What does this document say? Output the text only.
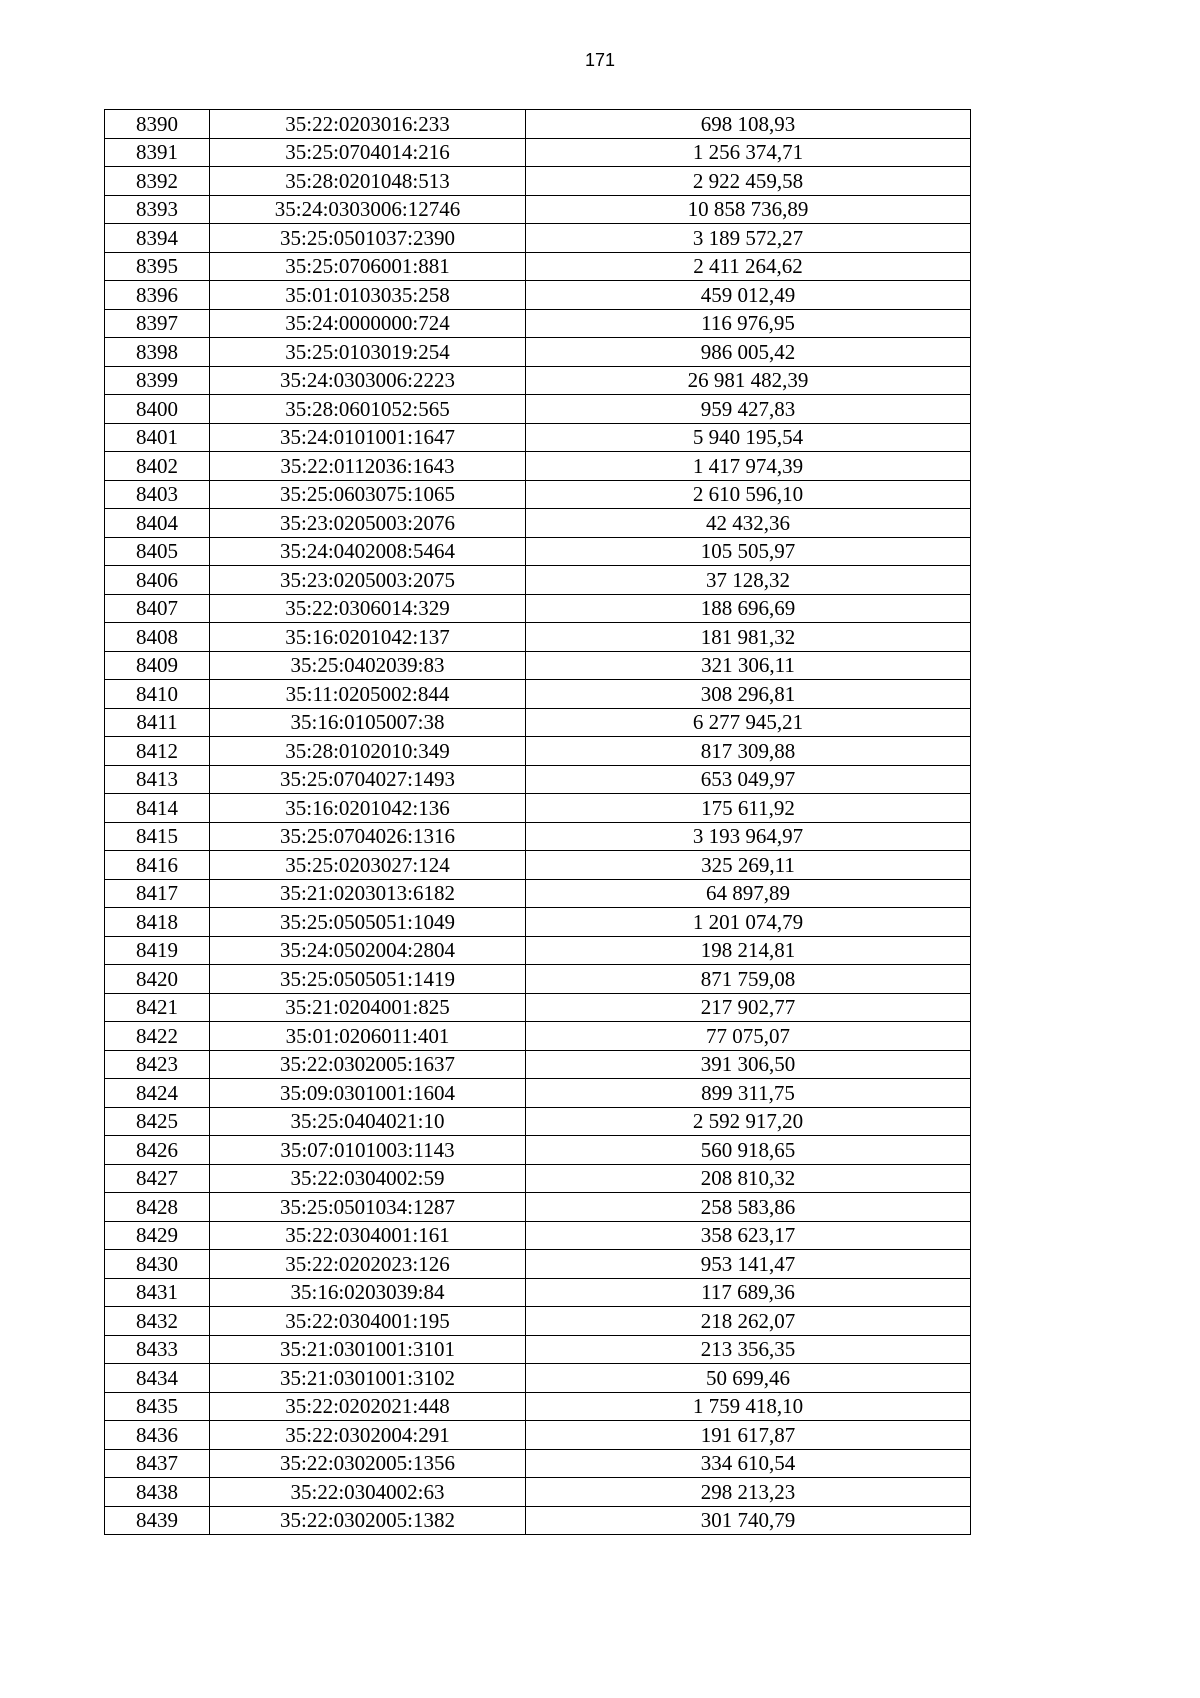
171
8390	35:22:0203016:233	698 108,93
8391	35:25:0704014:216	1 256 374,71
8392	35:28:0201048:513	2 922 459,58
8393	35:24:0303006:12746	10 858 736,89
8394	35:25:0501037:2390	3 189 572,27
8395	35:25:0706001:881	2 411 264,62
8396	35:01:0103035:258	459 012,49
8397	35:24:0000000:724	116 976,95
8398	35:25:0103019:254	986 005,42
8399	35:24:0303006:2223	26 981 482,39
8400	35:28:0601052:565	959 427,83
8401	35:24:0101001:1647	5 940 195,54
8402	35:22:0112036:1643	1 417 974,39
8403	35:25:0603075:1065	2 610 596,10
8404	35:23:0205003:2076	42 432,36
8405	35:24:0402008:5464	105 505,97
8406	35:23:0205003:2075	37 128,32
8407	35:22:0306014:329	188 696,69
8408	35:16:0201042:137	181 981,32
8409	35:25:0402039:83	321 306,11
8410	35:11:0205002:844	308 296,81
8411	35:16:0105007:38	6 277 945,21
8412	35:28:0102010:349	817 309,88
8413	35:25:0704027:1493	653 049,97
8414	35:16:0201042:136	175 611,92
8415	35:25:0704026:1316	3 193 964,97
8416	35:25:0203027:124	325 269,11
8417	35:21:0203013:6182	64 897,89
8418	35:25:0505051:1049	1 201 074,79
8419	35:24:0502004:2804	198 214,81
8420	35:25:0505051:1419	871 759,08
8421	35:21:0204001:825	217 902,77
8422	35:01:0206011:401	77 075,07
8423	35:22:0302005:1637	391 306,50
8424	35:09:0301001:1604	899 311,75
8425	35:25:0404021:10	2 592 917,20
8426	35:07:0101003:1143	560 918,65
8427	35:22:0304002:59	208 810,32
8428	35:25:0501034:1287	258 583,86
8429	35:22:0304001:161	358 623,17
8430	35:22:0202023:126	953 141,47
8431	35:16:0203039:84	117 689,36
8432	35:22:0304001:195	218 262,07
8433	35:21:0301001:3101	213 356,35
8434	35:21:0301001:3102	50 699,46
8435	35:22:0202021:448	1 759 418,10
8436	35:22:0302004:291	191 617,87
8437	35:22:0302005:1356	334 610,54
8438	35:22:0304002:63	298 213,23
8439	35:22:0302005:1382	301 740,79
